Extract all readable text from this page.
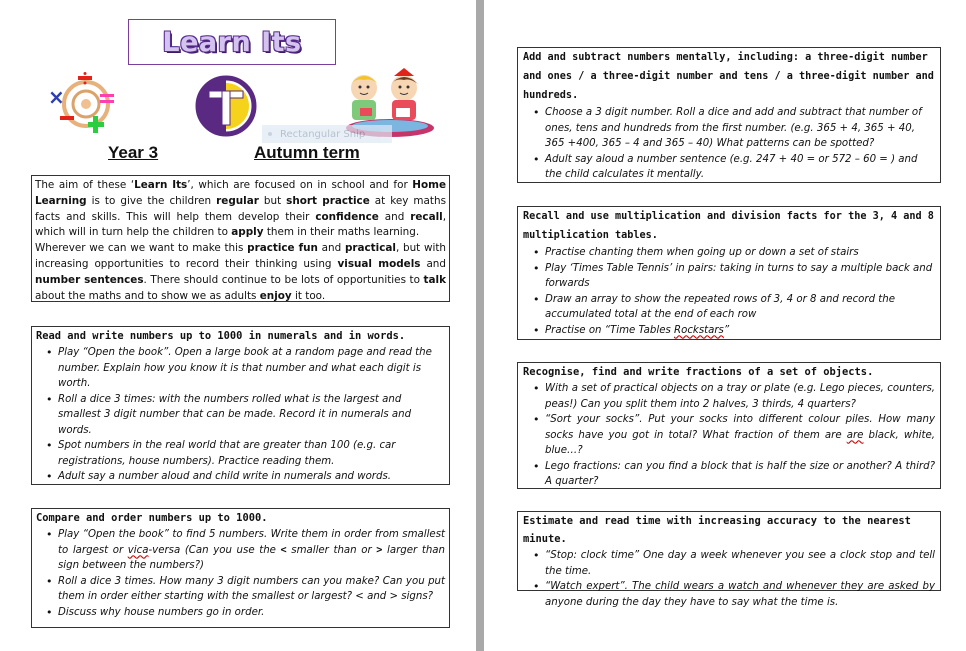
Learn Its
×
Rectangular Snip
Year 3	Autumn term

The aim of these ‘Learn Its’, which are focused on in school and for Home Learning is to give the children regular but short practice at key maths facts and skills. This will help them develop their confidence and recall, which will in turn help the children to apply them in their maths learning.

Wherever we can we want to make this practice fun and practical, but with increasing opportunities to record their thinking using visual models and number sentences. There should continue to be lots of opportunities to talk about the maths and to show we as adults enjoy it too.

Read and write numbers up to 1000 in numerals and in words.

• Play “Open the book”. Open a large book at a random page and read the number. Explain how you know it is that number and what each digit is worth.
• Roll a dice 3 times: with the numbers rolled what is the largest and smallest 3 digit number that can be made. Record it in numerals and words.
• Spot numbers in the real world that are greater than 100 (e.g. car registrations, house numbers). Practice reading them.
• Adult say a number aloud and child write in numerals and words.

Compare and order numbers up to 1000.

• Play “Open the book” to find 5 numbers. Write them in order from smallest to largest or vica-versa (Can you use the < smaller than or > larger than sign between the numbers?)
• Roll a dice 3 times. How many 3 digit numbers can you make? Can you put them in order either starting with the smallest or largest? < and > signs?
• Discuss why house numbers go in order.

Add and subtract numbers mentally, including: a three-digit number and ones / a three-digit number and tens / a three-digit number and hundreds.

• Choose a 3 digit number. Roll a dice and add and subtract that number of ones, tens and hundreds from the first number. (e.g. 365 + 4, 365 + 40, 365 +400, 365 – 4 and 365 – 40) What patterns can be spotted?
• Adult say aloud a number sentence (e.g. 247 + 40 = or 572 – 60 = ) and the child calculates it mentally.

Recall and use multiplication and division facts for the 3, 4 and 8 multiplication tables.

• Practise chanting them when going up or down a set of stairs
• Play ‘Times Table Tennis’ in pairs: taking in turns to say a multiple back and forwards
• Draw an array to show the repeated rows of 3, 4 or 8 and record the accumulated total at the end of each row
• Practise on “Time Tables Rockstars”

Recognise, find and write fractions of a set of objects.

• With a set of practical objects on a tray or plate (e.g. Lego pieces, counters, peas!) Can you split them into 2 halves, 3 thirds, 4 quarters?
• “Sort your socks”. Put your socks into different colour piles. How many socks have you got in total? What fraction of them are are black, white, blue…?
• Lego fractions: can you find a block that is half the size or another? A third? A quarter?

Estimate and read time with increasing accuracy to the nearest minute.

• “Stop: clock time” One day a week whenever you see a clock stop and tell the time.
• “Watch expert”. The child wears a watch and whenever they are asked by anyone during the day they have to say what the time is.
